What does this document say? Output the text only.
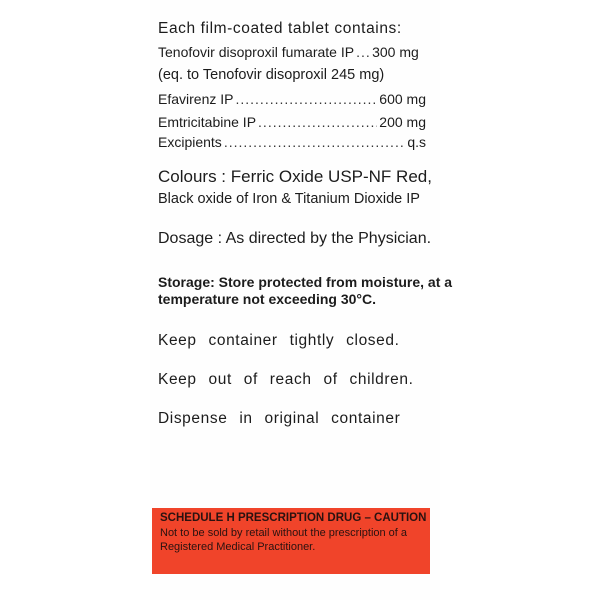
Each film-coated tablet contains:
Tenofovir disoproxil fumarate IP ..... 300 mg
(eq. to Tenofovir disoproxil 245 mg)
Efavirenz IP .....	600 mg
Emtricitabine IP .....	200 mg
Excipients .....	q.s
Colours : Ferric Oxide USP-NF Red,
Black oxide of Iron & Titanium Dioxide IP
Dosage : As directed by the Physician.
Storage: Store protected from moisture, at a
temperature not exceeding 30°C.
Keep container tightly closed.
Keep out of reach of children.
Dispense in original container
SCHEDULE H PRESCRIPTION DRUG – CAUTION
Not to be sold by retail without the prescription of a Registered Medical Practitioner.
